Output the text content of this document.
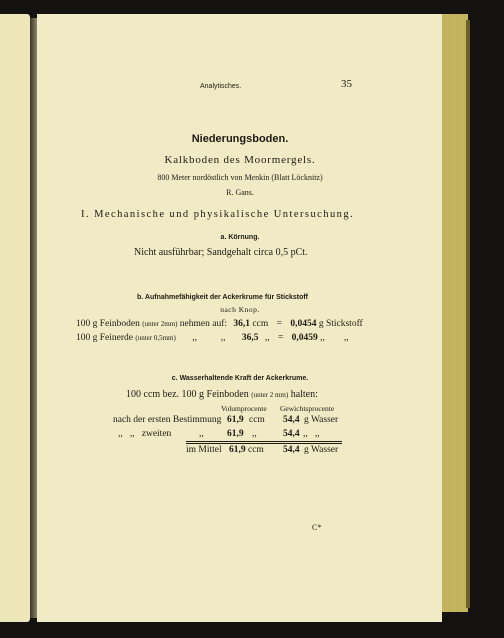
Analytisches.	35
Niederungsboden.
Kalkboden des Moormergels.
800 Meter nordöstlich von Menkin (Blatt Löcknitz)
R. Gans.
I. Mechanische und physikalische Untersuchung.
a. Körnung.
Nicht ausführbar; Sandgehalt circa 0,5 pCt.
b. Aufnahmefähigkeit der Ackerkrume für Stickstoff
nach Knop.
100 g Feinboden (unter 2mm) nehmen auf: 36,1 ccm = 0,0454 g Stickstoff
100 g Feinerde (unter 0,5mm) ,,          ,, 36,5 ,, = 0,0459 ,,        ,,
c. Wasserhaltende Kraft der Ackerkrume.
100 ccm bez. 100 g Feinboden (unter 2 mm) halten:
Volumprocente Gewichtsprocente
nach der ersten Bestimmung 61,9 ccm 54,4 g Wasser
,,   ,,   zweiten	,, 61,9 ,,	54,4 ,,   ,,
im Mittel 61,9 ccm 54,4 g Wasser
C*
